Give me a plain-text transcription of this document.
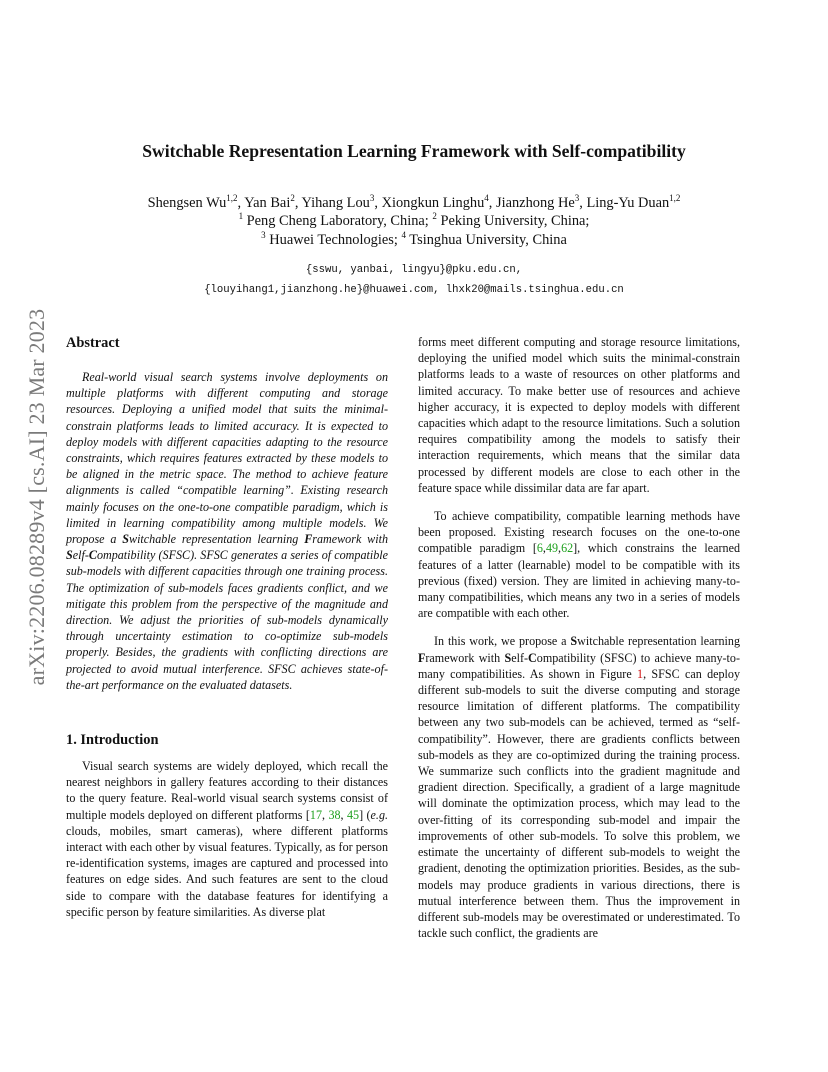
arXiv:2206.08289v4 [cs.AI] 23 Mar 2023
Switchable Representation Learning Framework with Self-compatibility
Shengsen Wu$^{1,2}$, Yan Bai$^2$, Yihang Lou$^3$, Xiongkun Linghu$^4$, Jianzhong He$^3$, Ling-Yu Duan$^{1,2}$
$^1$ Peng Cheng Laboratory, China; $^2$ Peking University, China;
$^3$ Huawei Technologies; $^4$ Tsinghua University, China
{sswu, yanbai, lingyu}@pku.edu.cn,
{louyihang1,jianzhong.he}@huawei.com, lhxk20@mails.tsinghua.edu.cn

Abstract

Real-world visual search systems involve deployments on multiple platforms with different computing and storage resources. Deploying a unified model that suits the minimal-constrain platforms leads to limited accuracy. It is expected to deploy models with different capacities adapting to the resource constraints, which requires features extracted by these models to be aligned in the metric space. The method to achieve feature alignments is called “compatible learning”. Existing research mainly focuses on the one-to-one compatible paradigm, which is limited in learning compatibility among multiple models. We propose a Switchable representation learning Framework with Self-Compatibility (SFSC). SFSC generates a series of compatible sub-models with different capacities through one training process. The optimization of sub-models faces gradients conflict, and we mitigate this problem from the perspective of the magnitude and direction. We adjust the priorities of sub-models dynamically through uncertainty estimation to co-optimize sub-models properly. Besides, the gradients with conflicting directions are projected to avoid mutual interference. SFSC achieves state-of-the-art performance on the evaluated datasets.

1. Introduction

Visual search systems are widely deployed, which recall the nearest neighbors in gallery features according to their distances to the query feature. Real-world visual search systems consist of multiple models deployed on different platforms [17, 38, 45] (e.g. clouds, mobiles, smart cameras), where different platforms interact with each other by visual features. Typically, as for person re-identification systems, images are captured and processed into features on edge sides. And such features are sent to the cloud side to compare with the database features for identifying a specific person by feature similarities. As diverse plat

forms meet different computing and storage resource limitations, deploying the unified model which suits the minimal-constrain platforms leads to a waste of resources on other platforms and limited accuracy. To make better use of resources and achieve higher accuracy, it is expected to deploy models with different capacities which adapt to the resource limitations. Such a solution requires compatibility among the models to satisfy their interaction requirements, which means that the similar data processed by different models are close to each other in the feature space while dissimilar data are far apart.

To achieve compatibility, compatible learning methods have been proposed. Existing research focuses on the one-to-one compatible paradigm [6,49,62], which constrains the learned features of a latter (learnable) model to be compatible with its previous (fixed) version. They are limited in achieving many-to-many compatibilities, which means any two in a series of models are compatible with each other.

In this work, we propose a Switchable representation learning Framework with Self-Compatibility (SFSC) to achieve many-to-many compatibilities. As shown in Figure 1, SFSC can deploy different sub-models to suit the diverse computing and storage resource limitation of different platforms. The compatibility between any two sub-models can be achieved, termed as “self-compatibility”. However, there are gradients conflicts between sub-models as they are co-optimized during the training process. We summarize such conflicts into the gradient magnitude and gradient direction. Specifically, a gradient of a large magnitude will dominate the optimization process, which may lead to the over-fitting of its corresponding sub-model and impair the improvements of other sub-models. To solve this problem, we estimate the uncertainty of different sub-models to weight the gradient, denoting the optimization priorities. Besides, as the sub-models may produce gradients in various directions, there is mutual interference between them. Thus the improvement in different sub-models may be overestimated or underestimated. To tackle such conflict, the gradients are
